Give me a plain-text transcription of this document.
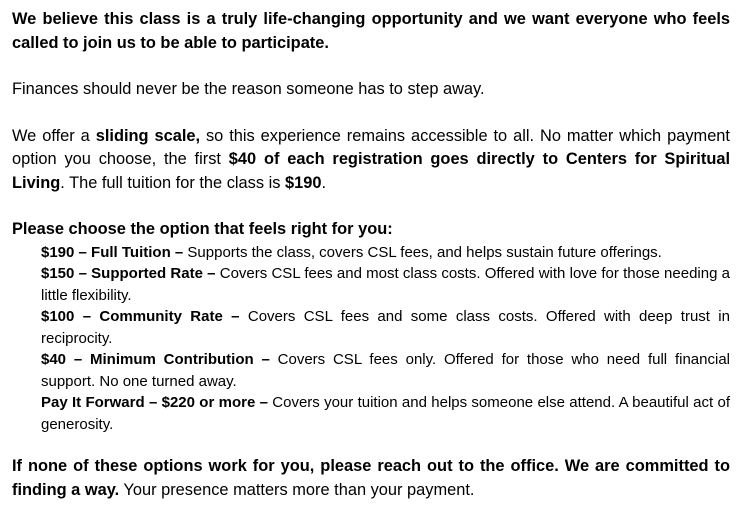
We believe this class is a truly life-changing opportunity and we want everyone who feels called to join us to be able to participate.

Finances should never be the reason someone has to step away.

We offer a sliding scale, so this experience remains accessible to all. No matter which payment option you choose, the first $40 of each registration goes directly to Centers for Spiritual Living. The full tuition for the class is $190.

Please choose the option that feels right for you:

$190 – Full Tuition – Supports the class, covers CSL fees, and helps sustain future offerings.
$150 – Supported Rate – Covers CSL fees and most class costs. Offered with love for those needing a little flexibility.
$100 – Community Rate – Covers CSL fees and some class costs. Offered with deep trust in reciprocity.
$40 – Minimum Contribution – Covers CSL fees only. Offered for those who need full financial support. No one turned away.
Pay It Forward – $220 or more – Covers your tuition and helps someone else attend. A beautiful act of generosity.

If none of these options work for you, please reach out to the office. We are committed to finding a way. Your presence matters more than your payment.
